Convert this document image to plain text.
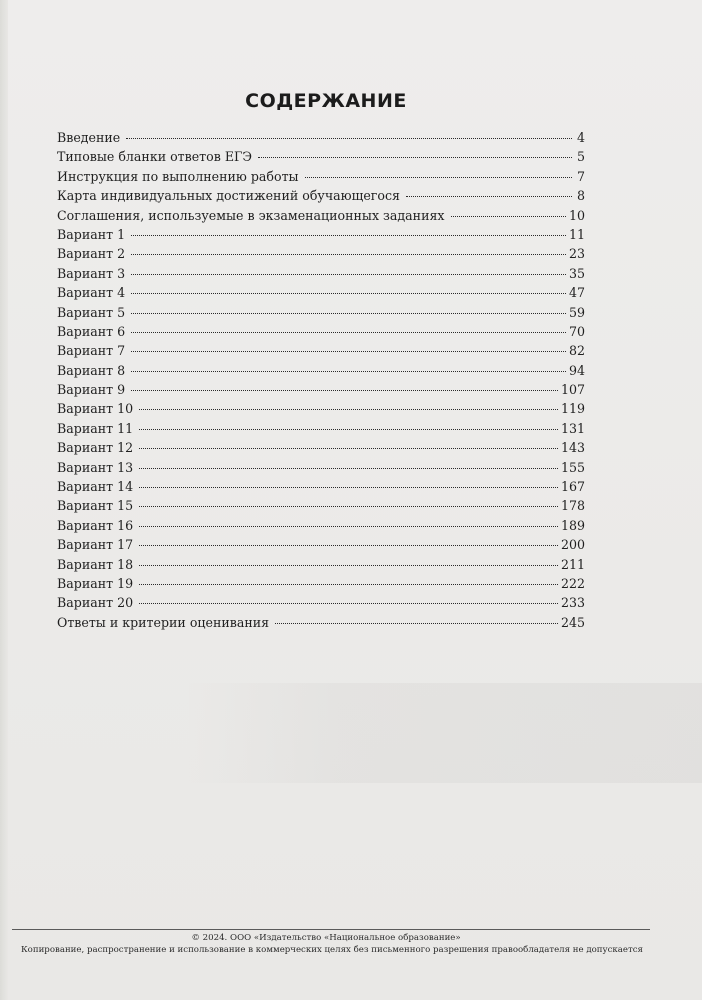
СОДЕРЖАНИЕ
Введение	4
Типовые бланки ответов ЕГЭ	5
Инструкция по выполнению работы	7
Карта индивидуальных достижений обучающегося	8
Соглашения, используемые в экзаменационных заданиях	10
Вариант 1	11
Вариант 2	23
Вариант 3	35
Вариант 4	47
Вариант 5	59
Вариант 6	70
Вариант 7	82
Вариант 8	94
Вариант 9	107
Вариант 10	119
Вариант 11	131
Вариант 12	143
Вариант 13	155
Вариант 14	167
Вариант 15	178
Вариант 16	189
Вариант 17	200
Вариант 18	211
Вариант 19	222
Вариант 20	233
Ответы и критерии оценивания	245
© 2024. ООО «Издательство «Национальное образование»
Копирование, распространение и использование в коммерческих целях без письменного разрешения правообладателя не допускается
